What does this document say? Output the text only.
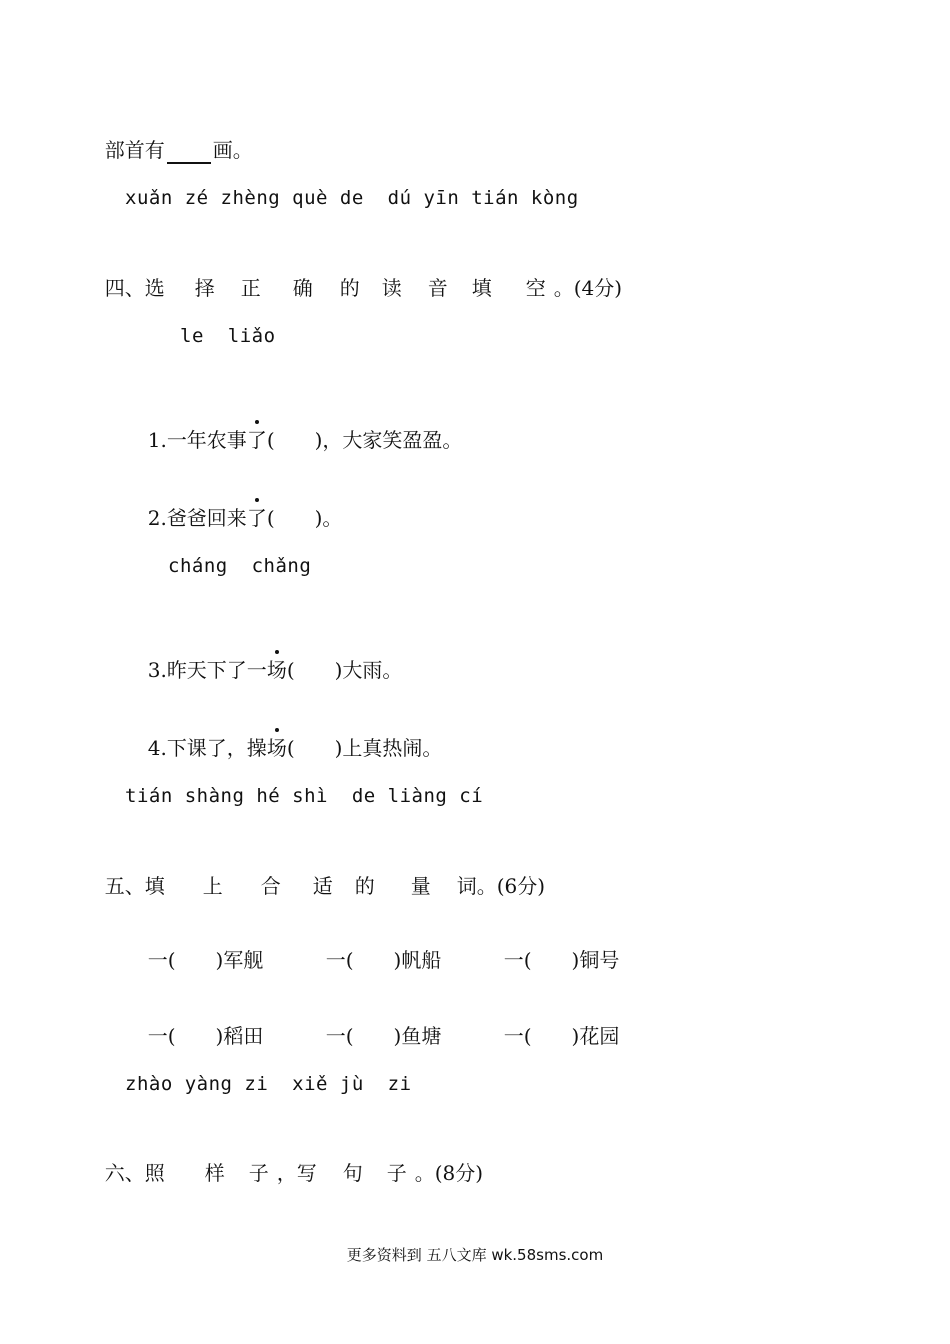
部首有 画。

xuǎn zé zhèng què de  dú yīn tián kòng

四、选 择 正 确 的 读 音 填 空 。(4分)

le  liǎo

1.一年农事了(　　)，大家笑盈盈。

2.爸爸回来了(　　)。

cháng  chǎng

3.昨天下了一场(　　)大雨。

4.下课了，操场(　　)上真热闹。

tián shàng hé shì  de liàng cí

五、填 上 合 适 的 量 词。(6分)

一(　　)军舰	一(　　)帆船	一(　　)铜号

一(　　)稻田	一(　　)鱼塘	一(　　)花园

zhào yàng zi  xiě jù  zi

六、照 样 子 ，写 句 子 。(8分)

更多资料到 五八文库 wk.58sms.com
